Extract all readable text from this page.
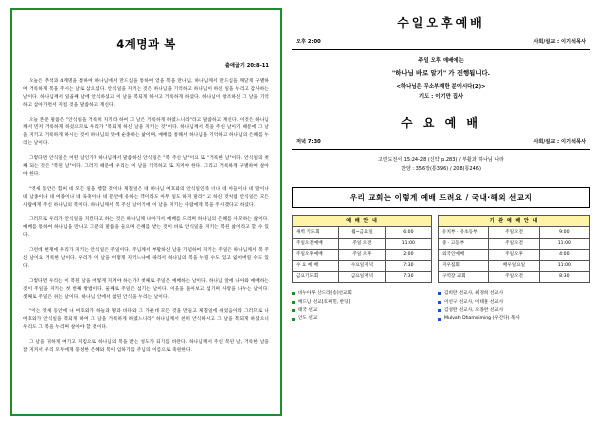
4계명과 복
출애굽기 20:8-11

오늘은 추석과 4계명을 통하여 하나님에서 만드심을 통하여 얻을 복을 만나님, 하나님께서 만드심을 깨닫게 구별하여 거룩하게 복을 주시는 날로 삼으셨다. 안식일을 지키는 것은 하나님을 기억하고 하나님이 하신 일을 누리고 감사하는 날이다. 하나님께서 일곱째 날에 안식하셨고 이 날을 복되게 하시고 거룩하게 하셨다. 하나님이 창조하신 그 날을 기억하고 삼아가면서 지킬 것을 말씀하고 계신다.

오늘 본문 말씀은 "안식일을 거룩히 지키라 하여 그 날은 거룩하게 하였느니라"라고 말씀하고 계신다. 이것은 하나님께서 먼저 거룩하게 하셨으므로 우리가 "복되게 하신 날을 지키는 것"이다. 하나님께서 복을 주신 날이기 때문에 그 날을 지키고 거룩하게 하시는 것이 하나님의 뜻에 순종하는 삶이며, 예배를 통해서 하나님을 기억하고 하나님의 은혜를 누리는 날이다.

그렇다면 안식일은 어떤 날인가? 하나님께서 말씀하신 안식일은 "복 주신 날"이요 또 "거룩한 날"이다. 안식일의 첫째 되는 것은 "복된 날"이다. 그러기 때문에 우리는 이 날을 기억하고 또 지켜야 한다. 그리고 거룩하게 구별하여 살아야 한다.

"엿새 동안은 힘써 네 모든 일을 행할 것이나 제칠일은 네 하나님 여호와의 안식일인즉 너나 네 아들이나 네 딸이나 네 남종이나 네 여종이나 네 육축이나 네 문안에 유하는 객이라도 아무 일도 하지 말라" 고 하신 것처럼 안식일은 모든 사람에게 주신 하나님의 복이다. 하나님께서 복 주신 날이기에 이 날을 지키는 사람에게 복을 주시겠다고 하셨다.

그러므로 우리가 안식일을 지킨다고 하는 것은 하나님께 나아가서 예배를 드리며 하나님의 은혜를 사모하는 삶이다. 예배를 통하여 하나님을 만나고 그분의 말씀을 들으며 은혜를 받는 것이 바로 안식일을 지키는 복된 삶이라고 할 수 있다.

그런데 현재에 우리가 지키는 안식일은 주일이다. 주님께서 부활하신 날을 기념하여 지키는 주일은 하나님께서 복 주신 날이요 거룩한 날이다. 우리가 이 날을 어떻게 지키느냐에 따라서 하나님의 복을 누릴 수도 있고 잃어버릴 수도 있다.

그렇다면 우리는 이 복된 날을 어떻게 지켜야 하는가? 첫째로 주일은 예배하는 날이다. 하나님 앞에 나아와 예배하는 것이 주일을 지키는 첫 번째 방법이다. 둘째로 주일은 섬기는 날이다. 이웃을 돌아보고 섬기며 사랑을 나누는 날이다. 셋째로 주일은 쉬는 날이다. 하나님 안에서 참된 안식을 누리는 날이다.

"이는 엿새 동안에 나 여호와가 하늘과 땅과 바다와 그 가운데 모든 것을 만들고 제칠일에 쉬었음이라 그러므로 나 여호와가 안식일을 복되게 하여 그 날을 거룩하게 하였느니라" 하나님께서 친히 안식하시고 그 날을 복되게 하셨으니 우리도 그 복을 누리며 살아야 할 것이다.

그 날을 귀하게 여기고 지킴으로 하나님의 복을 받는 성도가 되기를 바란다. 하나님께서 주신 복된 날, 거룩한 날을 잘 지켜서 우리 모두에게 풍성한 은혜와 복이 임하기를 주님의 이름으로 축원한다.

수일오후예배
오후 2:00	사회/설교 : 이기석목사
주일 오후 예배에는
"하나님 바로 알기" 가 진행됩니다.
<하나님은 무소부재한 분이시다(2)>
기도 : 이기만 집사
수 요 예 배
저녁 7:30	사회/설교 : 이기석목사
고린도전서 15:24-28 (신약 p.283) / 부활과 하나님 나라
찬양 : 356장(통396) / 208(통246)
우리 교회는 이렇게 예배 드려요 / 국내·해외 선교지
예 배 안 내		
새벽 기도회	월~금요일	6:00
주일오전예배	주일 오전	11:00
주일오후예배	주일 오후	2:00
수 요 예 배	수요일지녁	7:30
금요기도회	금요일저녁	7:30
기 관 예 배 안 내		
유치부 · 유초등부	주일오전	9:00
중 · 고등부	주일오전	11:00
외국인예배	주일오후	4:00
지우집회	배우일요일	11:00
구역장 교회	주일오전	8:30
바누아투 산드라[송]선교회
베드남 선교[호찌민, 반딩]
태국 선교
안도 선교
김희란 선교사, 최경희 선교사
이선구 선교사, 이태훈 선교사
김성완 선교사, 오종완 선교사
Mulvah Dhamsiming (우간다) 목사
